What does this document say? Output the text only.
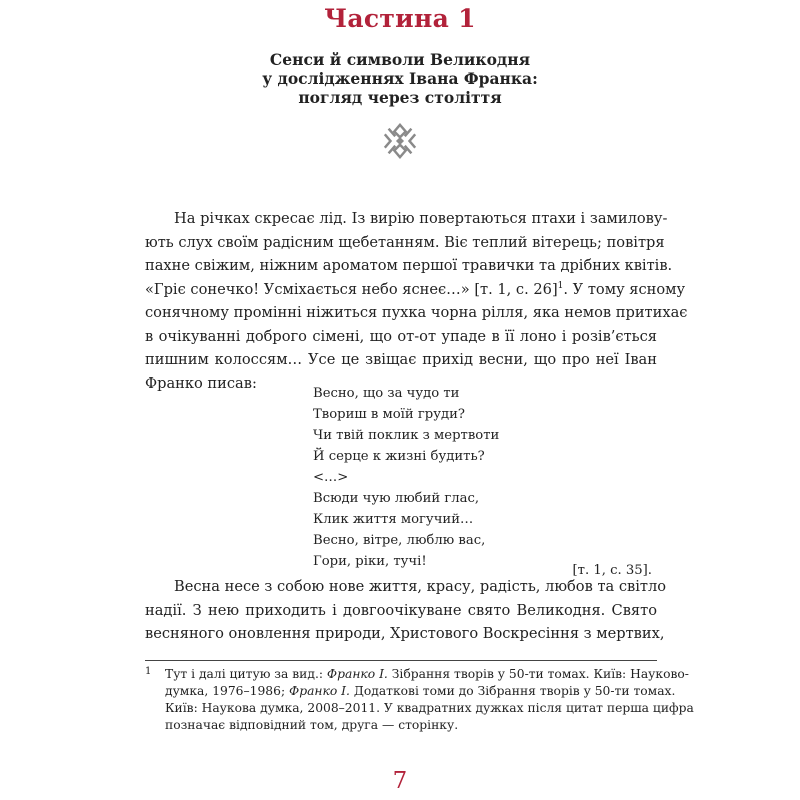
Частина 1
Сенси й символи Великодня
у дослідженнях Івана Франка:
погляд через століття
На річках скресає лід. Із вирію повертаються птахи і замилову-
ють слух своїм радісним щебетанням. Віє теплий вітерець; повітря
пахне свіжим, ніжним ароматом першої травички та дрібних квітів.
«Гріє сонечко! Усміхається небо яснеє…» [т. 1, с. 26]$^1$. У тому ясному
сонячному промінні ніжиться пухка чорна рілля, яка немов притихає
в очікуванні доброго сімені, що от-от упаде в її лоно і розів’ється
пишним колоссям… Усе це звіщає прихід весни, що про неї Іван
Франко писав:
Весно, що за чудо ти
Твориш в моїй груди?
Чи твій поклик з мертвоти
Й серце к жизні будить?
<…>
Всюди чую любий глас,
Клик життя могучий…
Весно, вітре, люблю вас,
Гори, ріки, тучі!
[т. 1, с. 35].
Весна несе з собою нове життя, красу, радість, любов та світло
надії. З нею приходить і довгоочікуване свято Великодня. Свято
весняного оновлення природи, Христового Воскресіння з мертвих,
1 Тут і далі цитую за вид.: Франко І. Зібрання творів у 50-ти томах. Київ: Науково-
думка, 1976–1986; Франко І. Додаткові томи до Зібрання творів у 50-ти томах.
Київ: Наукова думка, 2008–2011. У квадратних дужках після цитат перша цифра
позначає відповідний том, друга — сторінку.
7
